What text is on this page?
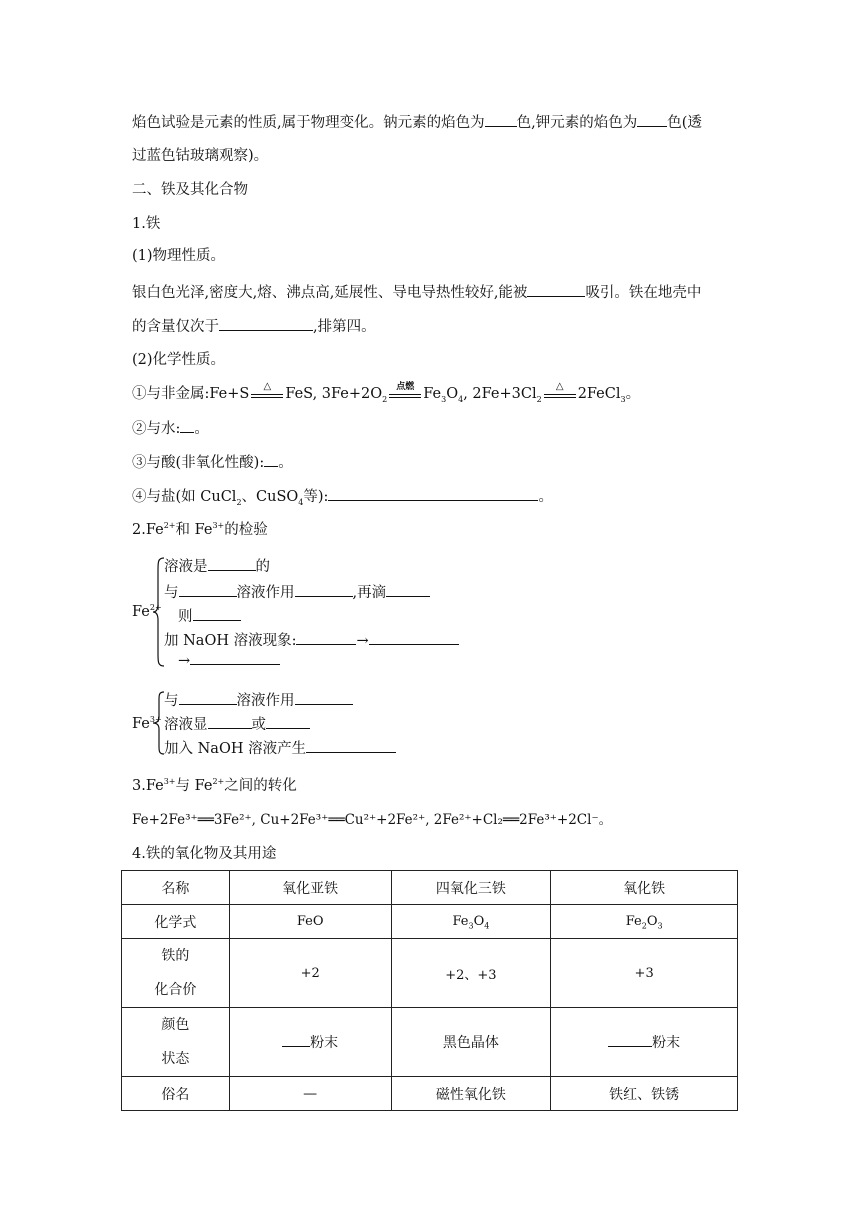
焰色试验是元素的性质,属于物理变化。钠元素的焰色为 色,钾元素的焰色为 色(透
过蓝色钴玻璃观察)。
二、铁及其化合物
1.铁
(1)物理性质。
银白色光泽,密度大,熔、沸点高,延展性、导电导热性较好,能被	吸引。铁在地壳中
的含量仅次于	,排第四。
(2)化学性质。
①与非金属:Fe+S	△ FeS, $3Fe+2O_2$
点燃 $Fe_3O_4$, $2Fe+3Cl_2$
△ 2FeCl$_3$。
②与水: 。
③与酸(非氧化性酸): 。
④与盐(如 CuCl$_2$、CuSO$_4$等):	。
$2.Fe^{2+}$和 $Fe^{3+}$的检验
$Fe^{2+}$
溶液是	的
与	溶液作用	,再滴
则
加 NaOH 溶液现象:	→
→
$Fe^{3+}$
与	溶液作用
溶液显	或
加入 NaOH 溶液产生
$3.Fe^{3+}$与 $Fe^{2+}$之间的转化
Fe+2Fe³⁺══3Fe²⁺, Cu+2Fe³⁺══Cu²⁺+2Fe²⁺, 2Fe²⁺+Cl₂══2Fe³⁺+2Cl⁻。
4.铁的氧化物及其用途
名称	氧化亚铁	四氧化三铁	氧化铁
化学式	FeO	$Fe_3O_4$	$Fe_2O_3$

铁的
化合价	+2	+2、+3	+3

颜色
状态	粉末	黑色晶体	粉末
俗名	—	磁性氧化铁	铁红、铁锈
